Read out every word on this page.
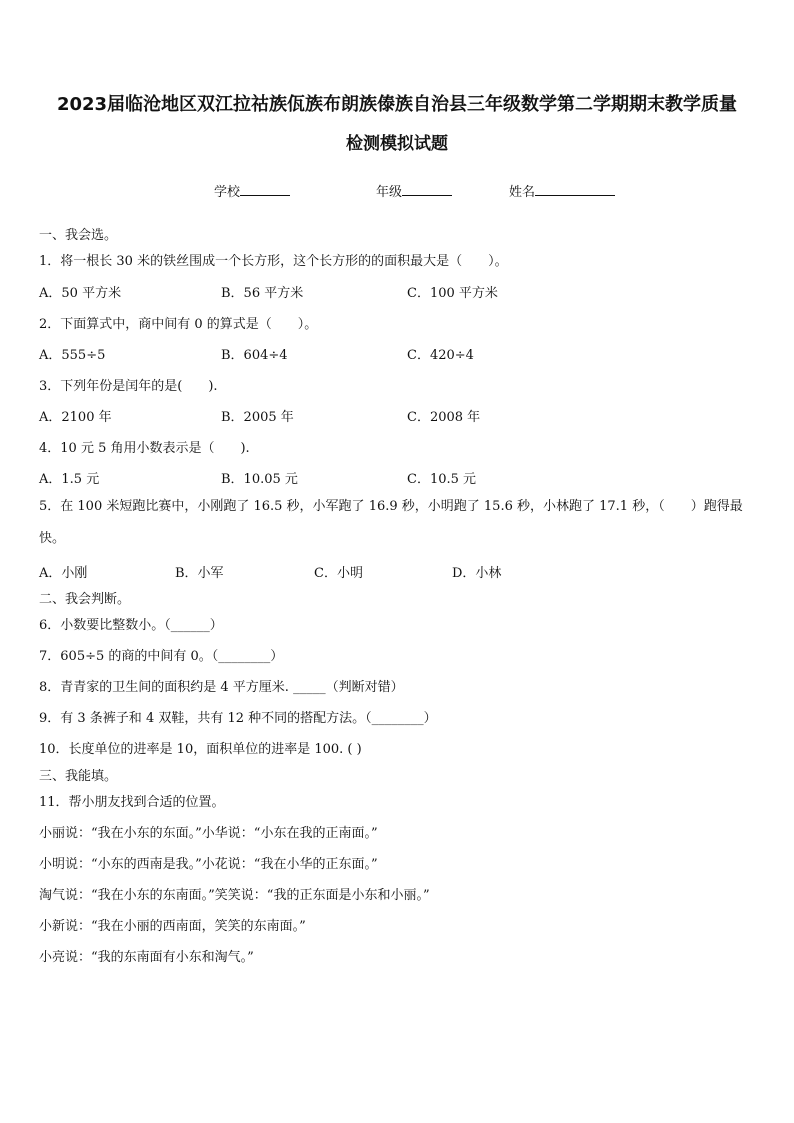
2023届临沧地区双江拉祜族佤族布朗族傣族自治县三年级数学第二学期期末教学质量
检测模拟试题
学校	年级	姓名
一、我会选。
1．将一根长 30 米的铁丝围成一个长方形，这个长方形的的面积最大是（　　）。
A．50 平方米	B．56 平方米	C．100 平方米
2．下面算式中，商中间有 0 的算式是（　　）。
A．555÷5	B．604÷4	C．420÷4
3．下列年份是闰年的是(　　).
A．2100 年	B．2005 年	C．2008 年
4．10 元 5 角用小数表示是（　　).
A．1.5 元	B．10.05 元	C．10.5 元
5．在 100 米短跑比赛中，小刚跑了 16.5 秒，小军跑了 16.9 秒，小明跑了 15.6 秒，小林跑了 17.1 秒，（　　）跑得最快。
A．小刚	B．小军	C．小明	D．小林
二、我会判断。
6．小数要比整数小。（______）
7．605÷5 的商的中间有 0。（________）
8．青青家的卫生间的面积约是 4 平方厘米. _____（判断对错）
9．有 3 条裤子和 4 双鞋，共有 12 种不同的搭配方法。（________）
10．长度单位的进率是 10，面积单位的进率是 100. ( )
三、我能填。
11．帮小朋友找到合适的位置。
小丽说：“我在小东的东面。”小华说：“小东在我的正南面。”
小明说：“小东的西南是我。”小花说：“我在小华的正东面。”
淘气说：“我在小东的东南面。”笑笑说：“我的正东面是小东和小丽。”
小新说：“我在小丽的西南面，笑笑的东南面。”
小亮说：“我的东南面有小东和淘气。”
